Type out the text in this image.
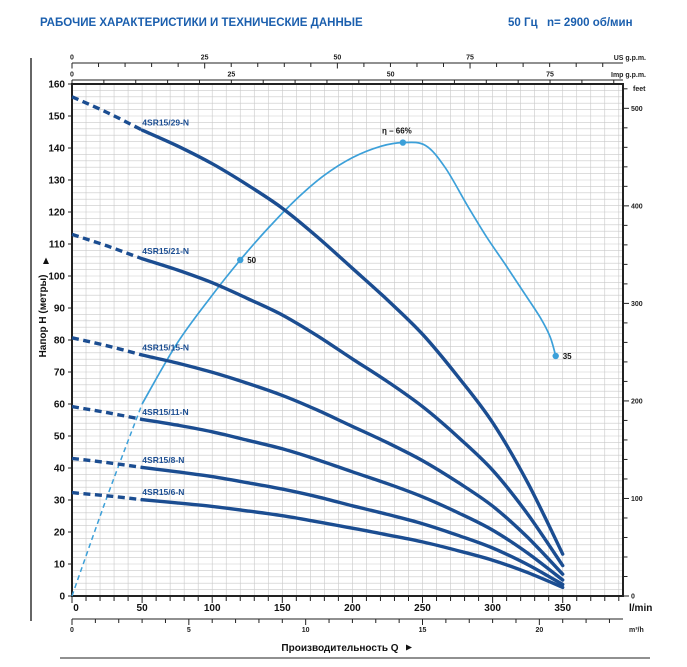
РАБОЧИЕ ХАРАКТЕРИСТИКИ И ТЕХНИЧЕСКИЕ ДАННЫЕ	50 Гц n= 2900 об/мин
0	25	50	75
0	25	50	75
0
100
200
300
400
500
0	50	100	150	200	250	300	350
0	5	10	15	20
0
10
20
30
40
50
60
70
80
90
100
110
120
130
140
150
160
50
η – 66%
35
4SR15/29-N
4SR15/21-N
4SR15/15-N
4SR15/11-N
4SR15/8-N
4SR15/6-N
US g.p.m.
Imp g.p.m.
feet
l/min
m³/h
Производительность Q
Напор H (метры)
